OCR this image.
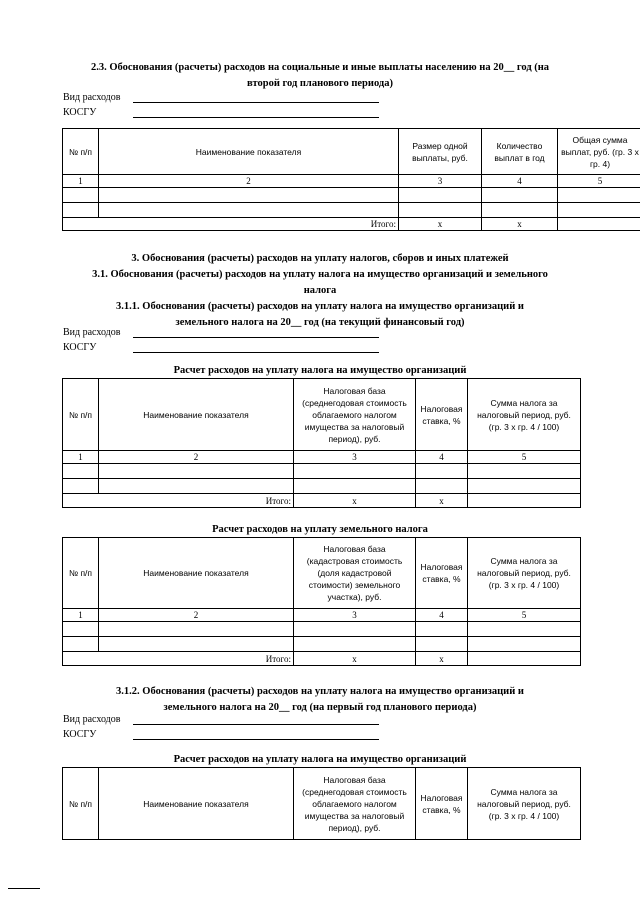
2.3. Обоснования (расчеты) расходов на социальные и иные выплаты населению на 20__ год (на
второй год планового периода)
Вид расходов
КОСГУ
№ п/п	Наименование показателя	Размер одной выплаты, руб.	Количество выплат в год	Общая сумма выплат, руб. (гр. 3 x гр. 4)
1	2	3	4	5

Итого:		x	x	
3. Обоснования (расчеты) расходов на уплату налогов, сборов и иных платежей
3.1. Обоснования (расчеты) расходов на уплату налога на имущество организаций и земельного
налога
3.1.1. Обоснования (расчеты) расходов на уплату налога на имущество организаций и
земельного налога на 20__ год (на текущий финансовый год)
Вид расходов
КОСГУ
Расчет расходов на уплату налога на имущество организаций
№ п/п	Наименование показателя	Налоговая база (среднегодовая стоимость облагаемого налогом имущества за налоговый период), руб.	Налоговая ставка, %	Сумма налога за налоговый период, руб. (гр. 3 x гр. 4 / 100)
1	2	3	4	5

Итого:		x	x	
Расчет расходов на уплату земельного налога
№ п/п	Наименование показателя	Налоговая база (кадастровая стоимость (доля кадастровой стоимости) земельного участка), руб.	Налоговая ставка, %	Сумма налога за налоговый период, руб. (гр. 3 x гр. 4 / 100)
1	2	3	4	5

Итого:		x	x	
3.1.2. Обоснования (расчеты) расходов на уплату налога на имущество организаций и
земельного налога на 20__ год (на первый год планового периода)
Вид расходов
КОСГУ
Расчет расходов на уплату налога на имущество организаций
№ п/п	Наименование показателя	Налоговая база (среднегодовая стоимость облагаемого налогом имущества за налоговый период), руб.	Налоговая ставка, %	Сумма налога за налоговый период, руб. (гр. 3 x гр. 4 / 100)
